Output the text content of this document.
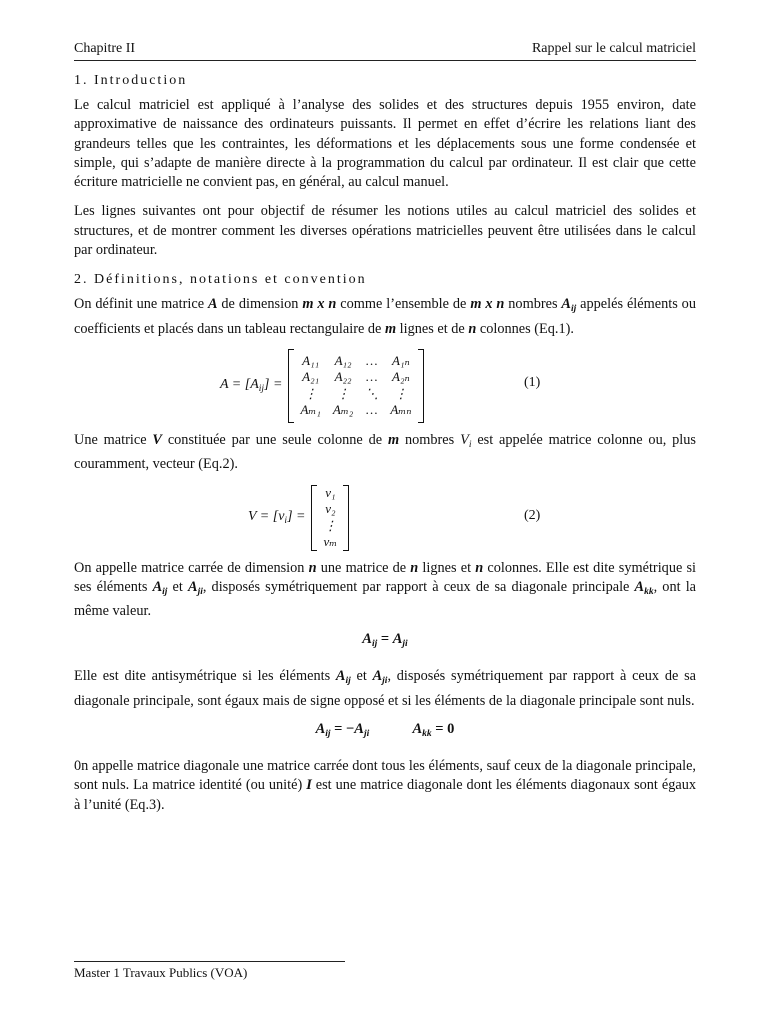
Chapitre II	Rappel sur le calcul matriciel
1. Introduction

Le calcul matriciel est appliqué à l’analyse des solides et des structures depuis 1955 environ, date approximative de naissance des ordinateurs puissants. Il permet en effet d’écrire les relations liant des grandeurs telles que les contraintes, les déformations et les déplacements sous une forme condensée et simple, qui s’adapte de manière directe à la programmation du calcul par ordinateur. Il est clair que cette écriture matricielle ne convient pas, en général, au calcul manuel.

Les lignes suivantes ont pour objectif de résumer les notions utiles au calcul matriciel des solides et structures, et de montrer comment les diverses opérations matricielles peuvent être utilisées dans le calcul par ordinateur.

2. Définitions, notations et convention

On définit une matrice A de dimension m x n comme l’ensemble de m x n nombres $A_{ij}$ appelés éléments ou coefficients et placés dans un tableau rectangulaire de m lignes et de n colonnes (Eq.1).

$A = [A_{ij}]$ =
A₁₁	A₁₂	…	A₁ₙ
A₂₁	A₂₂	…	A₂ₙ
⋮	⋮	⋱	⋮
Aₘ₁ Aₘ₂ … Aₘₙ
(1)

Une matrice V constituée par une seule colonne de m nombres $V_i$ est appelée matrice colonne ou, plus couramment, vecteur (Eq.2).

$V = [v_i]$ =
v₁
v₂
⋮
vₘ
(2)

On appelle matrice carrée de dimension n une matrice de n lignes et n colonnes. Elle est dite symétrique si ses éléments $A_{ij}$ et $A_{ji}$, disposés symétriquement par rapport à ceux de sa diagonale principale $A_{kk}$, ont la même valeur.

$A_{ij} = A_{ji}$

Elle est dite antisymétrique si les éléments $A_{ij}$ et $A_{ji}$, disposés symétriquement par rapport à ceux de sa diagonale principale, sont égaux mais de signe opposé et si les éléments de la diagonale principale sont nuls.

$A_{ij} = -A_{ji}$	$A_{kk} = 0$

0n appelle matrice diagonale une matrice carrée dont tous les éléments, sauf ceux de la diagonale principale, sont nuls. La matrice identité (ou unité) I est une matrice diagonale dont les éléments diagonaux sont égaux à l’unité (Eq.3).

Master 1 Travaux Publics (VOA)
